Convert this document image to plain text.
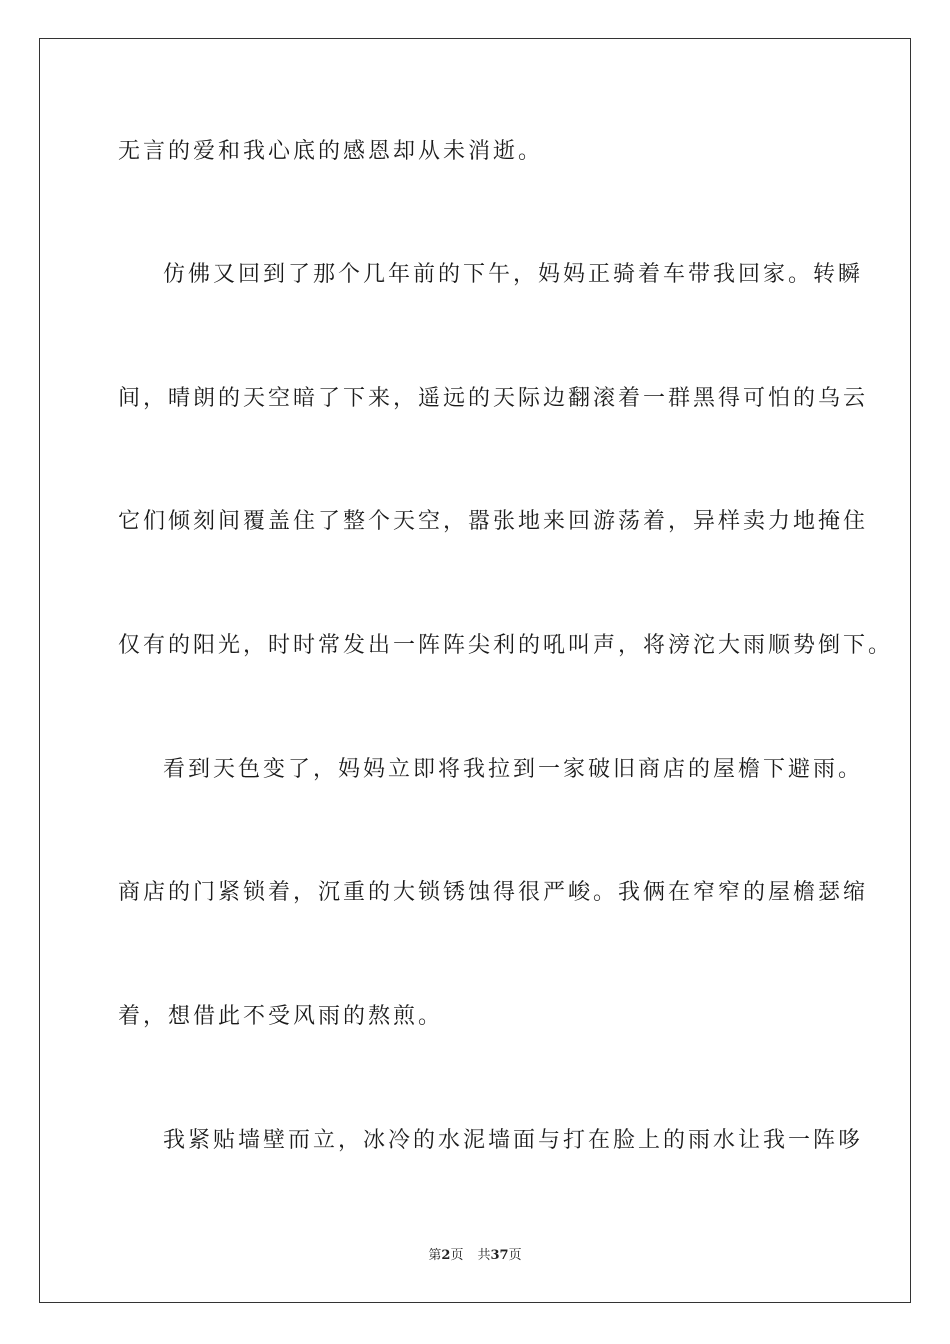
无言的爱和我心底的感恩却从未消逝。
仿佛又回到了那个几年前的下午，妈妈正骑着车带我回家。转瞬
间，晴朗的天空暗了下来，遥远的天际边翻滚着一群黑得可怕的乌云
它们倾刻间覆盖住了整个天空，嚣张地来回游荡着，异样卖力地掩住
仅有的阳光，时时常发出一阵阵尖利的吼叫声，将滂沱大雨顺势倒下。
看到天色变了，妈妈立即将我拉到一家破旧商店的屋檐下避雨。
商店的门紧锁着，沉重的大锁锈蚀得很严峻。我俩在窄窄的屋檐瑟缩
着，想借此不受风雨的熬煎。
我紧贴墙壁而立，冰冷的水泥墙面与打在脸上的雨水让我一阵哆
第2页 共37页
